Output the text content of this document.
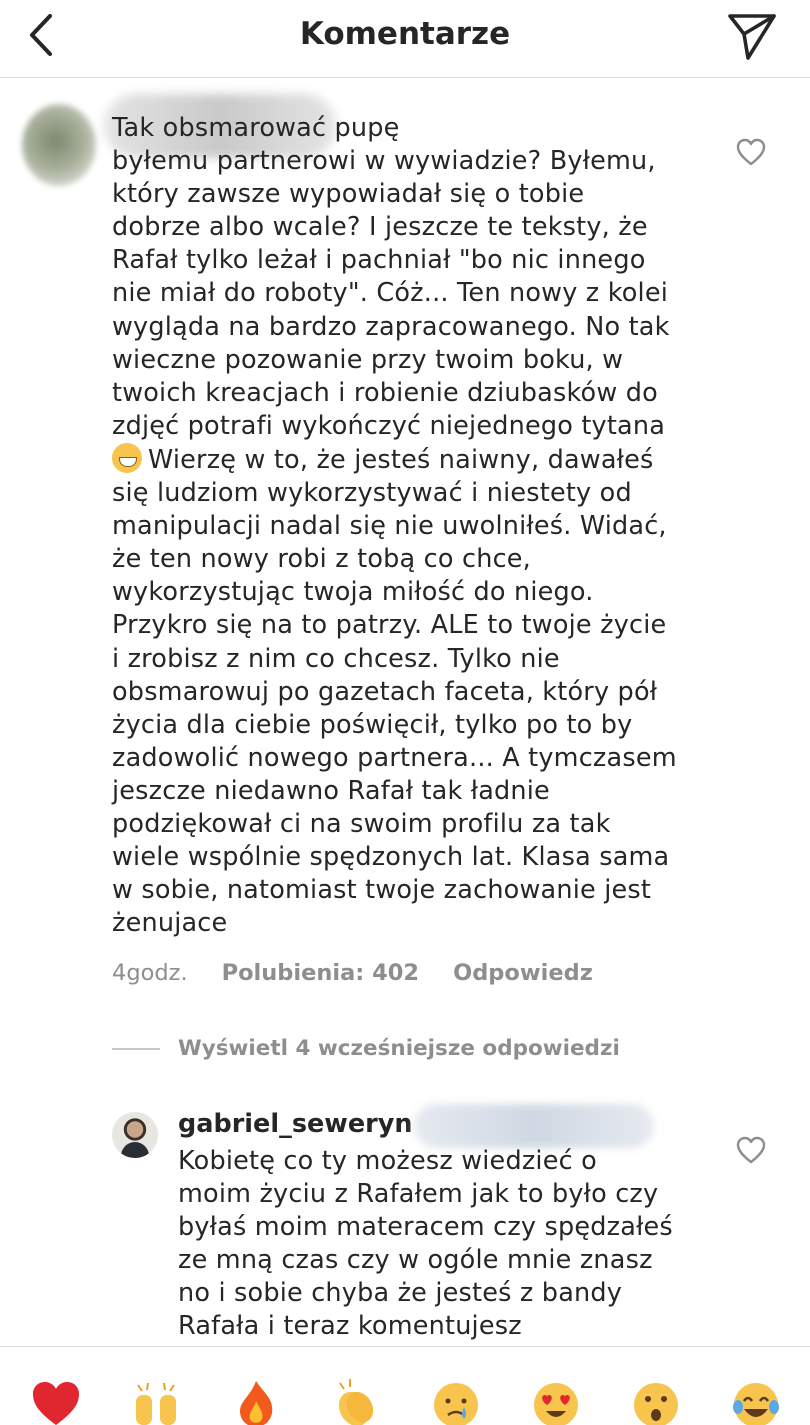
Komentarze
Tak obsmarować pupę
byłemu partnerowi w wywiadzie? Byłemu,
który zawsze wypowiadał się o tobie
dobrze albo wcale? I jeszcze te teksty, że
Rafał tylko leżał i pachniał "bo nic innego
nie miał do roboty". Cóż... Ten nowy z kolei
wygląda na bardzo zapracowanego. No tak
wieczne pozowanie przy twoim boku, w
twoich kreacjach i robienie dziubasków do
zdjęć potrafi wykończyć niejednego tytana
Wierzę w to, że jesteś naiwny, dawałeś
się ludziom wykorzystywać i niestety od
manipulacji nadal się nie uwolniłeś. Widać,
że ten nowy robi z tobą co chce,
wykorzystując twoja miłość do niego.
Przykro się na to patrzy. ALE to twoje życie
i zrobisz z nim co chcesz. Tylko nie
obsmarowuj po gazetach faceta, który pół
życia dla ciebie poświęcił, tylko po to by
zadowolić nowego partnera... A tymczasem
jeszcze niedawno Rafał tak ładnie
podziękował ci na swoim profilu za tak
wiele wspólnie spędzonych lat. Klasa sama
w sobie, natomiast twoje zachowanie jest
żenujace
4godz. Polubienia: 402 Odpowiedz
Wyświetl 4 wcześniejsze odpowiedzi
gabriel_seweryn
Kobietę co ty możesz wiedzieć o
moim życiu z Rafałem jak to było czy
byłaś moim materacem czy spędzałeś
ze mną czas czy w ogóle mnie znasz
no i sobie chyba że jesteś z bandy
Rafała i teraz komentujesz
